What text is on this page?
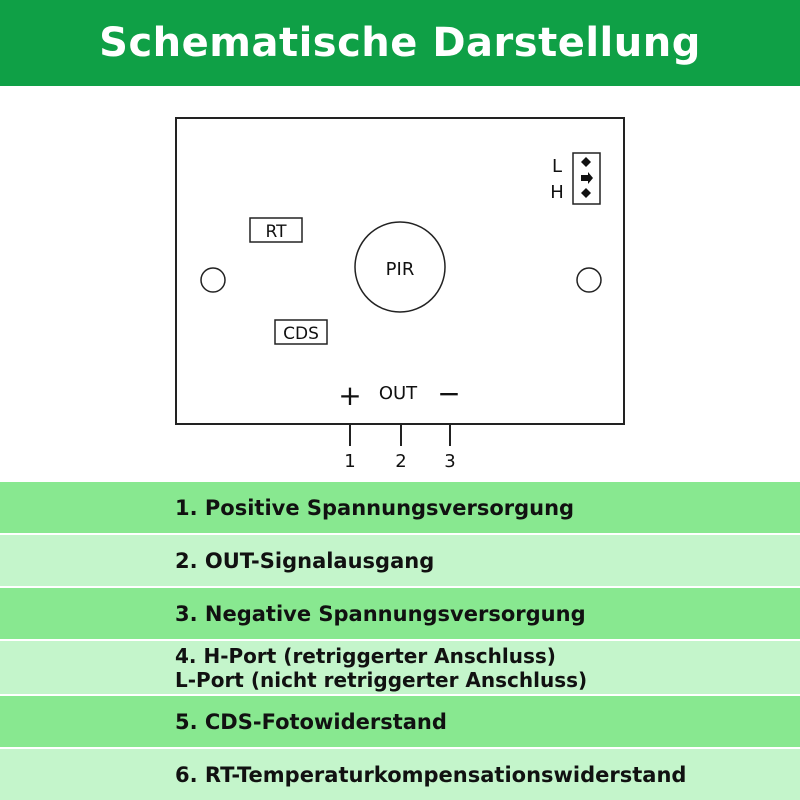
Schematische Darstellung
PIR
RT
CDS
L
H
+ OUT −
1 2 3
1. Positive Spannungsversorgung
2. OUT-Signalausgang
3. Negative Spannungsversorgung
4. H-Port (retriggerter Anschluss)
L-Port (nicht retriggerter Anschluss)
5. CDS-Fotowiderstand
6. RT-Temperaturkompensationswiderstand
